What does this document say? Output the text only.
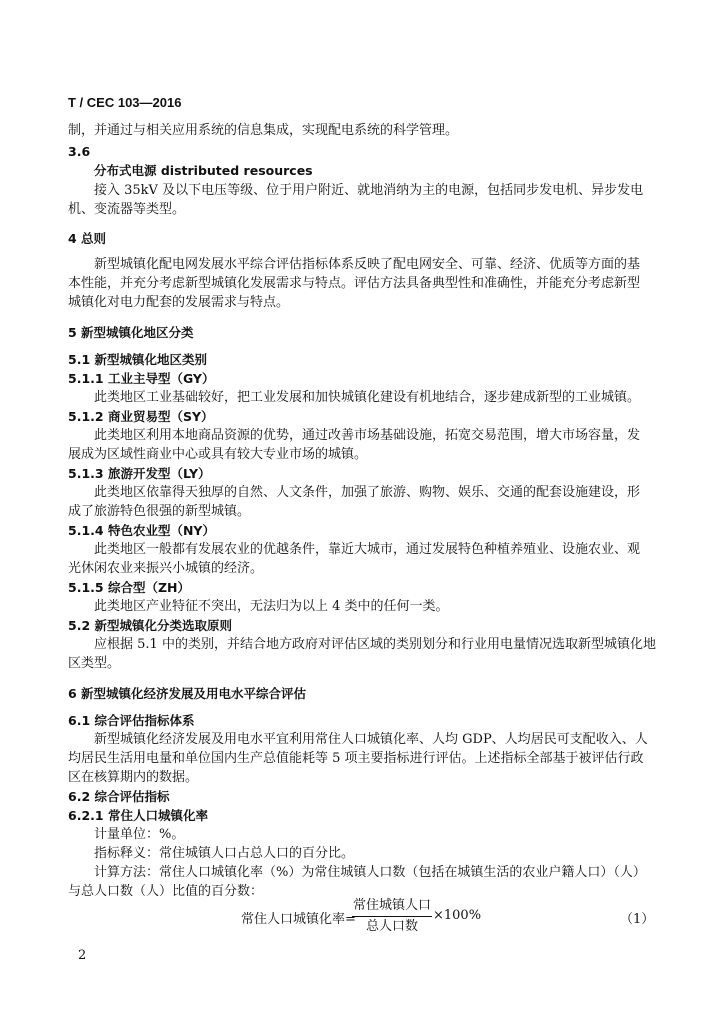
T / CEC 103—2016
制，并通过与相关应用系统的信息集成，实现配电系统的科学管理。
3.6
分布式电源 distributed resources
接入 35kV 及以下电压等级、位于用户附近、就地消纳为主的电源，包括同步发电机、异步发电
机、变流器等类型。
4 总则
新型城镇化配电网发展水平综合评估指标体系反映了配电网安全、可靠、经济、优质等方面的基
本性能，并充分考虑新型城镇化发展需求与特点。评估方法具备典型性和准确性，并能充分考虑新型
城镇化对电力配套的发展需求与特点。
5 新型城镇化地区分类
5.1 新型城镇化地区类别
5.1.1 工业主导型（GY）
此类地区工业基础较好，把工业发展和加快城镇化建设有机地结合，逐步建成新型的工业城镇。
5.1.2 商业贸易型（SY）
此类地区利用本地商品资源的优势，通过改善市场基础设施，拓宽交易范围，增大市场容量，发
展成为区域性商业中心或具有较大专业市场的城镇。
5.1.3 旅游开发型（LY）
此类地区依靠得天独厚的自然、人文条件，加强了旅游、购物、娱乐、交通的配套设施建设，形
成了旅游特色很强的新型城镇。
5.1.4 特色农业型（NY）
此类地区一般都有发展农业的优越条件，靠近大城市，通过发展特色种植养殖业、设施农业、观
光休闲农业来振兴小城镇的经济。
5.1.5 综合型（ZH）
此类地区产业特征不突出，无法归为以上 4 类中的任何一类。
5.2 新型城镇化分类选取原则
应根据 5.1 中的类别，并结合地方政府对评估区域的类别划分和行业用电量情况选取新型城镇化地
区类型。
6 新型城镇化经济发展及用电水平综合评估
6.1 综合评估指标体系
新型城镇化经济发展及用电水平宜利用常住人口城镇化率、人均 GDP、人均居民可支配收入、人
均居民生活用电量和单位国内生产总值能耗等 5 项主要指标进行评估。上述指标全部基于被评估行政
区在核算期内的数据。
6.2 综合评估指标
6.2.1 常住人口城镇化率
计量单位：%。
指标释义：常住城镇人口占总人口的百分比。
计算方法：常住人口城镇化率（%）为常住城镇人口数（包括在城镇生活的农业户籍人口）（人）
与总人口数（人）比值的百分数：
常住人口城镇化率=
常住城镇人口
总人口数
×100%	（1）
2
